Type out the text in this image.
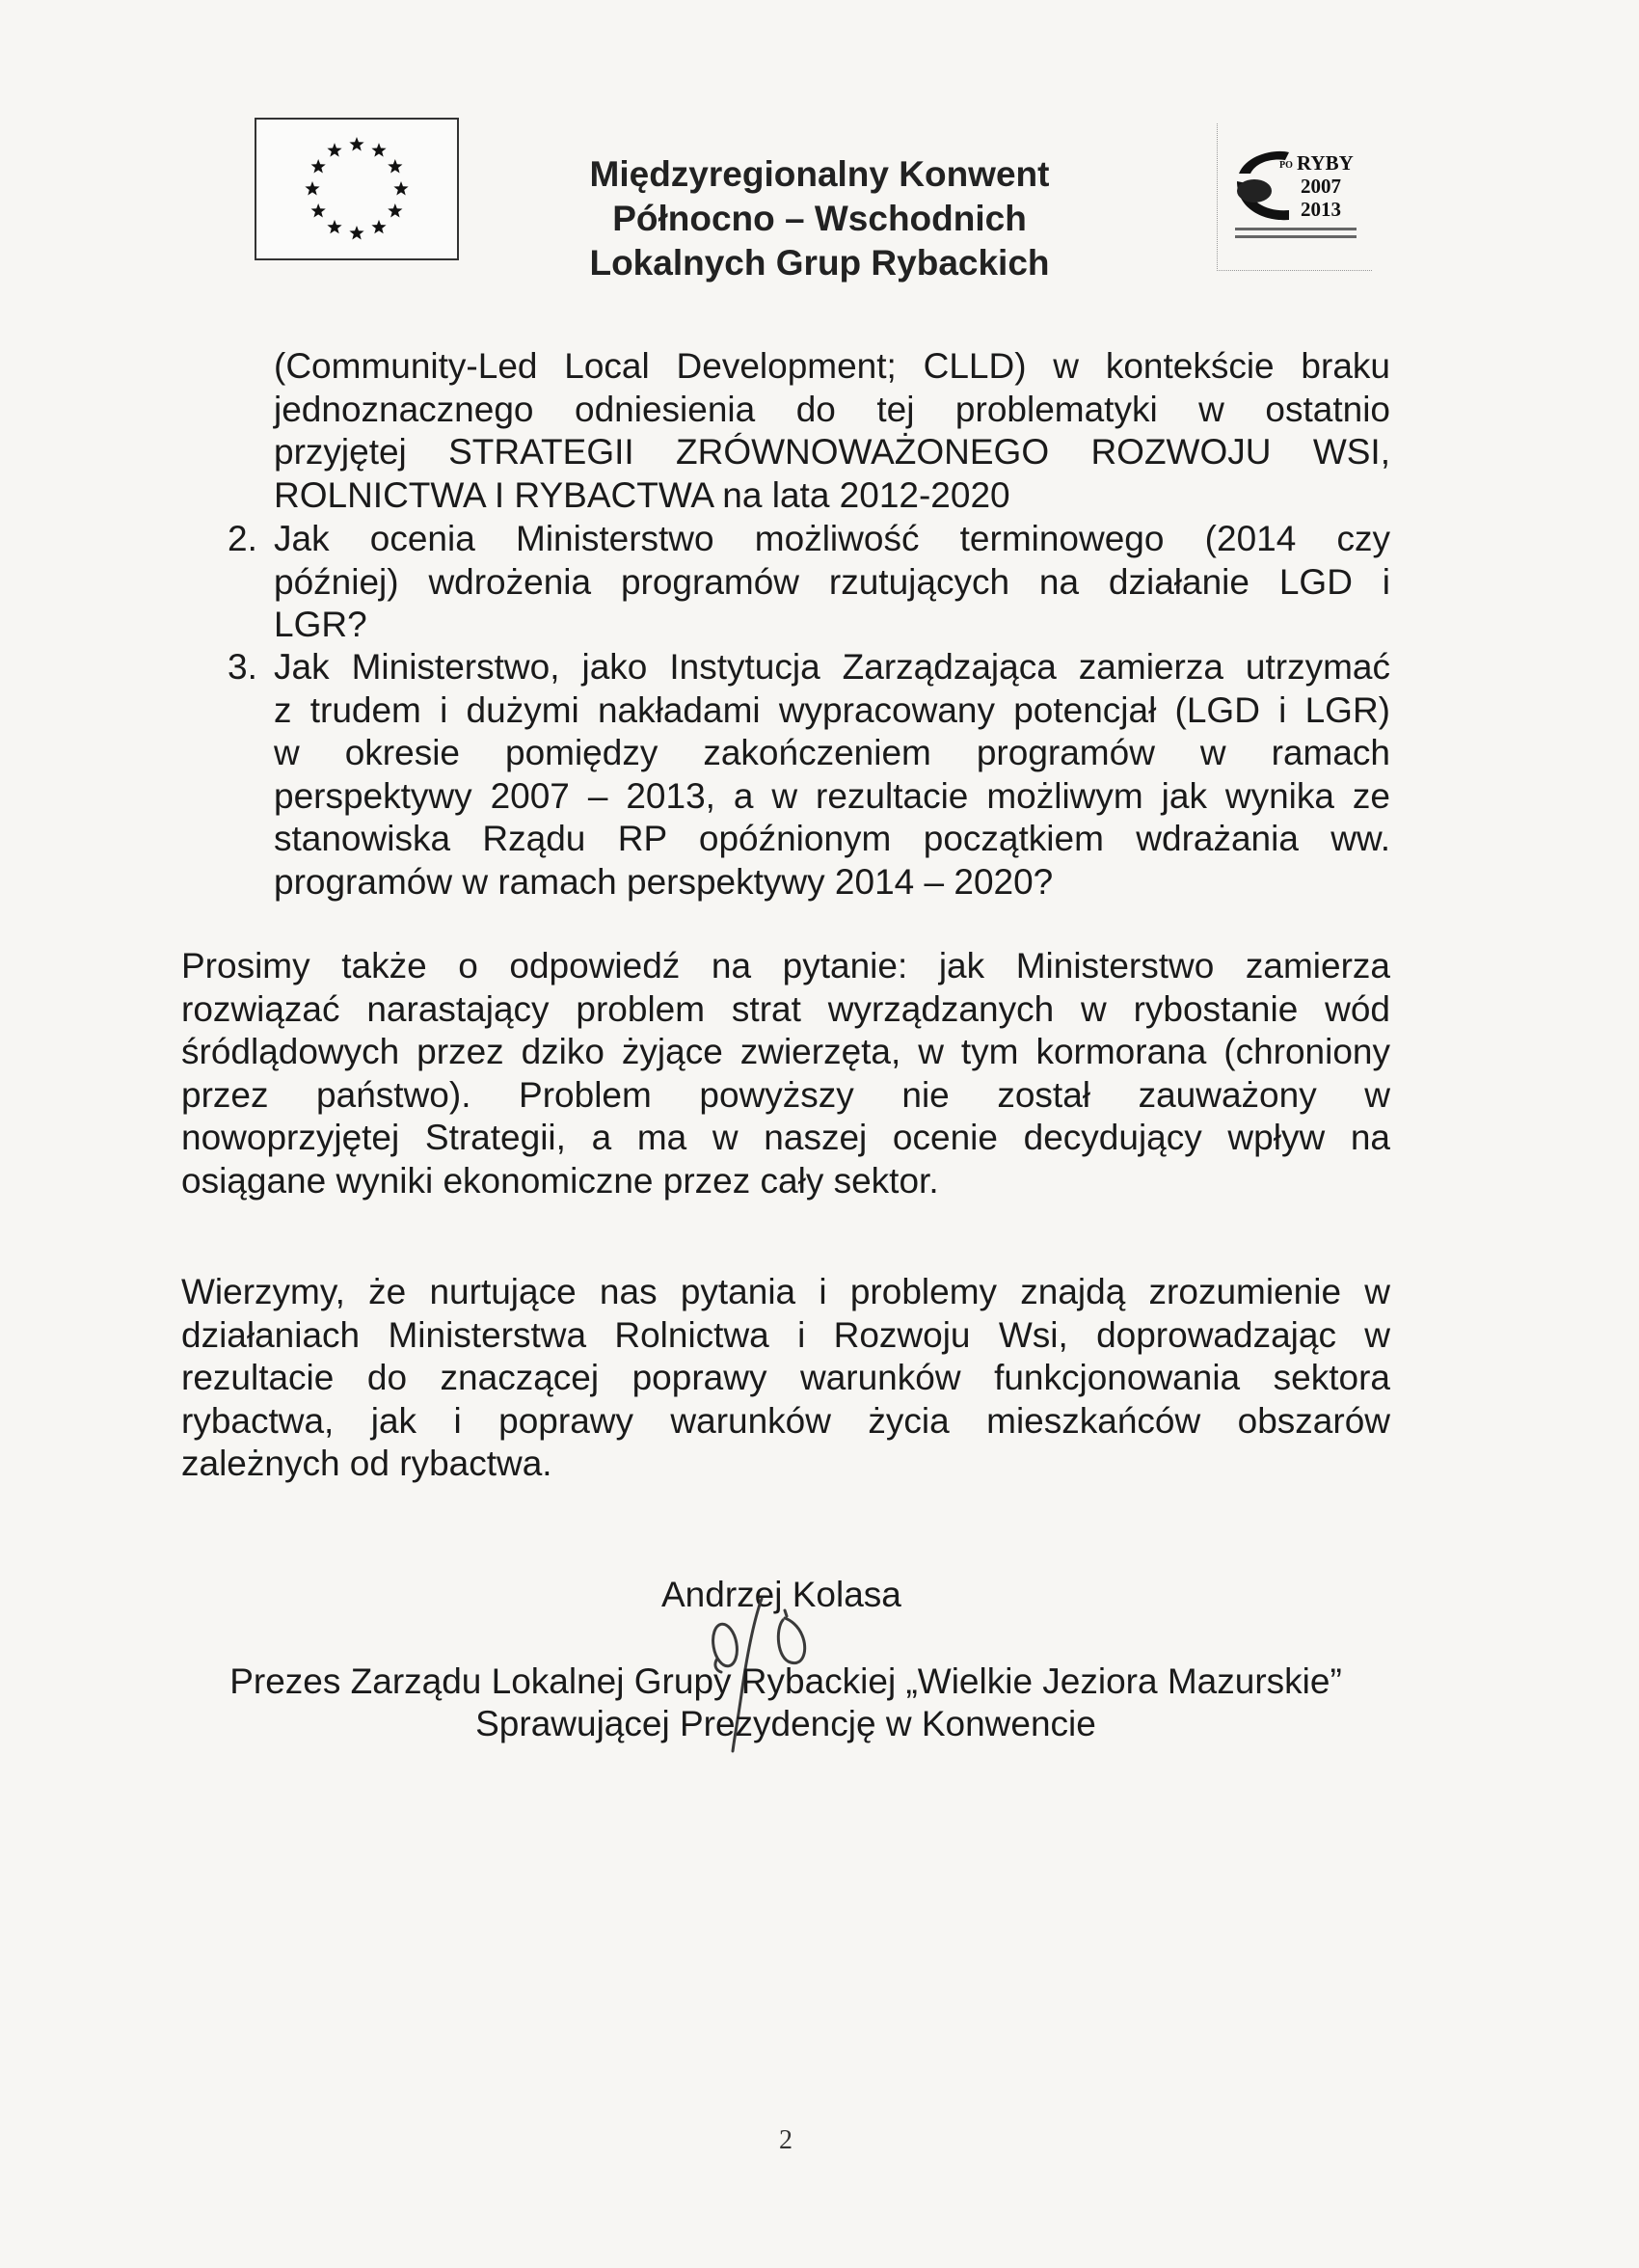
Międzyregionalny Konwent
Północno – Wschodnich
Lokalnych Grup Rybackich
PO RYBY
2007
2013
(Community-Led Local Development; CLLD) w kontekście braku
jednoznacznego odniesienia do tej problematyki w ostatnio
przyjętej STRATEGII ZRÓWNOWAŻONEGO ROZWOJU WSI,
ROLNICTWA I RYBACTWA na lata 2012-2020
2. Jak ocenia Ministerstwo możliwość terminowego (2014 czy
później) wdrożenia programów rzutujących na działanie LGD i
LGR?
3. Jak Ministerstwo, jako Instytucja Zarządzająca zamierza utrzymać
z trudem i dużymi nakładami wypracowany potencjał (LGD i LGR)
w okresie pomiędzy zakończeniem programów w ramach
perspektywy 2007 – 2013, a w rezultacie możliwym jak wynika ze
stanowiska Rządu RP opóźnionym początkiem wdrażania ww.
programów w ramach perspektywy 2014 – 2020?
Prosimy także o odpowiedź na pytanie: jak Ministerstwo zamierza
rozwiązać narastający problem strat wyrządzanych w rybostanie wód
śródlądowych przez dziko żyjące zwierzęta, w tym kormorana (chroniony
przez państwo). Problem powyższy nie został zauważony w
nowoprzyjętej Strategii, a ma w naszej ocenie decydujący wpływ na
osiągane wyniki ekonomiczne przez cały sektor.
Wierzymy, że nurtujące nas pytania i problemy znajdą zrozumienie w
działaniach Ministerstwa Rolnictwa i Rozwoju Wsi, doprowadzając w
rezultacie do znaczącej poprawy warunków funkcjonowania sektora
rybactwa, jak i poprawy warunków życia mieszkańców obszarów
zależnych od rybactwa.
Andrzej Kolasa
Prezes Zarządu Lokalnej Grupy Rybackiej „Wielkie Jeziora Mazurskie”
Sprawującej Prezydencję w Konwencie
2
